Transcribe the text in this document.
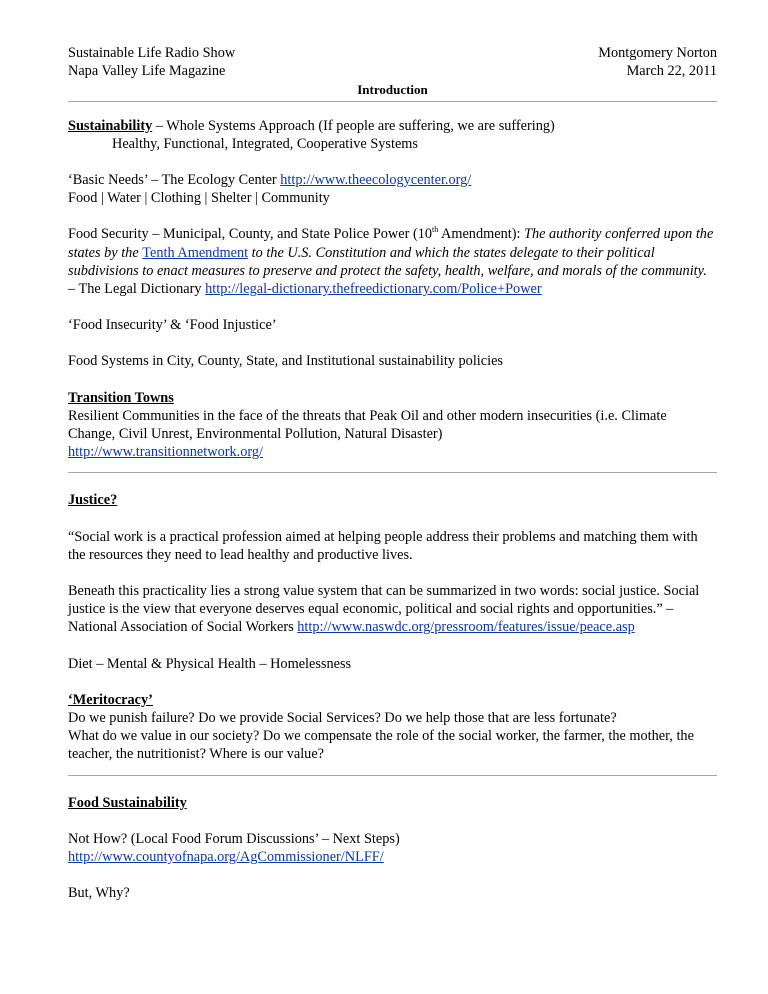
Sustainable Life Radio Show	Montgomery Norton
Napa Valley Life Magazine	March 22, 2011
Introduction

Sustainability – Whole Systems Approach (If people are suffering, we are suffering)

Healthy, Functional, Integrated, Cooperative Systems

‘Basic Needs’ – The Ecology Center http://www.theecologycenter.org/

Food | Water | Clothing | Shelter | Community

Food Security – Municipal, County, and State Police Power (10th Amendment): The authority conferred upon the states by the Tenth Amendment to the U.S. Constitution and which the states delegate to their political subdivisions to enact measures to preserve and protect the safety, health, welfare, and morals of the community. – The Legal Dictionary http://legal-dictionary.thefreedictionary.com/Police+Power

‘Food Insecurity’ & ‘Food Injustice’

Food Systems in City, County, State, and Institutional sustainability policies

Transition Towns

Resilient Communities in the face of the threats that Peak Oil and other modern insecurities (i.e. Climate Change, Civil Unrest, Environmental Pollution, Natural Disaster)

http://www.transitionnetwork.org/

Justice?

“Social work is a practical profession aimed at helping people address their problems and matching them with the resources they need to lead healthy and productive lives.

Beneath this practicality lies a strong value system that can be summarized in two words: social justice. Social justice is the view that everyone deserves equal economic, political and social rights and opportunities.” – National Association of Social Workers http://www.naswdc.org/pressroom/features/issue/peace.asp

Diet – Mental & Physical Health – Homelessness

‘Meritocracy’

Do we punish failure? Do we provide Social Services? Do we help those that are less fortunate?

What do we value in our society? Do we compensate the role of the social worker, the farmer, the mother, the teacher, the nutritionist? Where is our value?

Food Sustainability

Not How? (Local Food Forum Discussions’ – Next Steps) http://www.countyofnapa.org/AgCommissioner/NLFF/

But, Why?
